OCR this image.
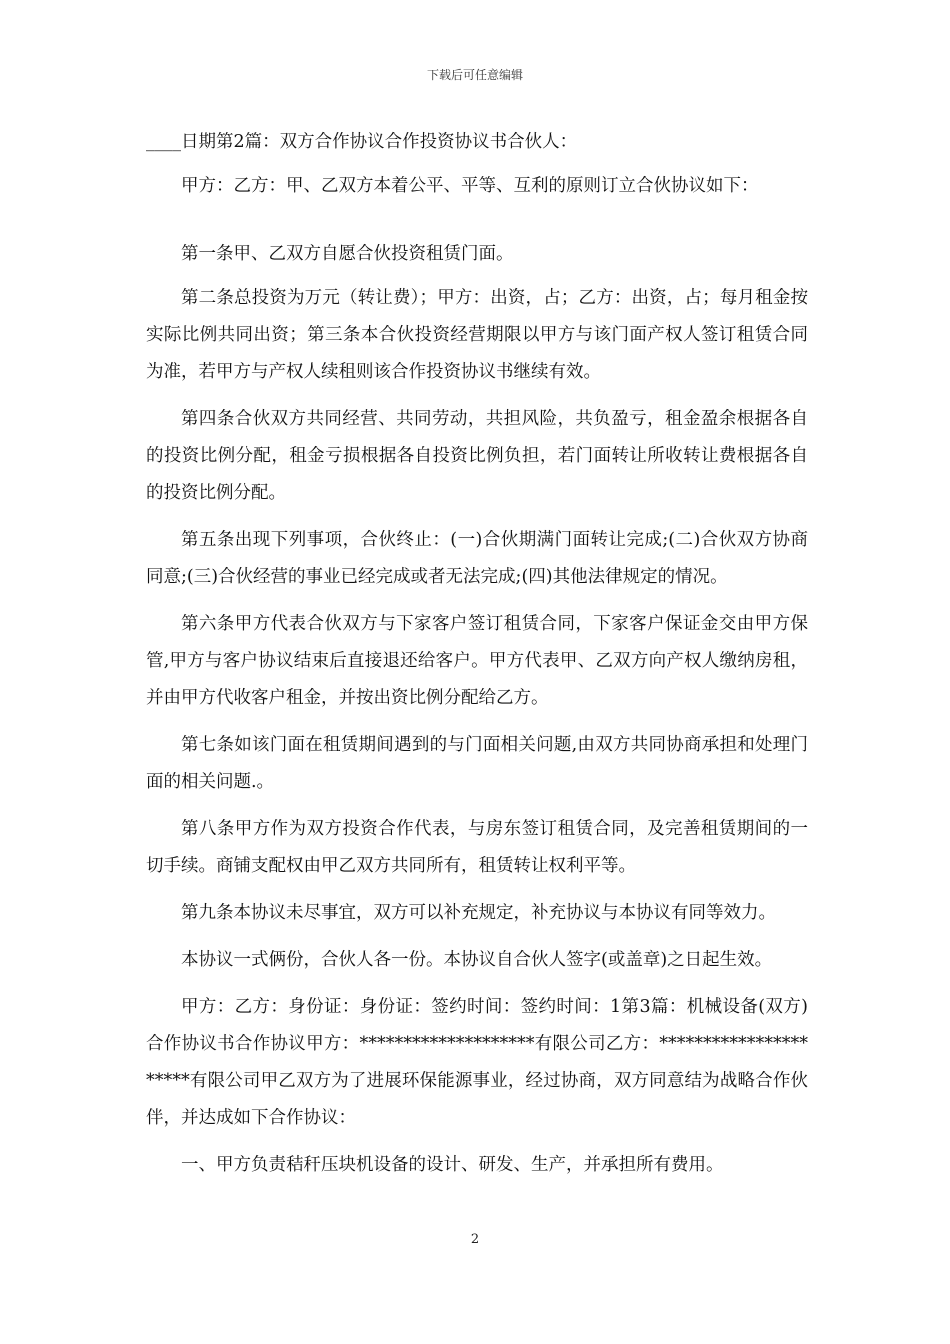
下载后可任意编辑

____日期第2篇：双方合作协议合作投资协议书合伙人：

甲方：乙方：甲、乙双方本着公平、平等、互利的原则订立合伙协议如下：

第一条甲、乙双方自愿合伙投资租赁门面。

第二条总投资为万元（转让费）；甲方：出资，占；乙方：出资，占；每月租金按实际比例共同出资；第三条本合伙投资经营期限以甲方与该门面产权人签订租赁合同为准，若甲方与产权人续租则该合作投资协议书继续有效。

第四条合伙双方共同经营、共同劳动，共担风险，共负盈亏，租金盈余根据各自的投资比例分配，租金亏损根据各自投资比例负担，若门面转让所收转让费根据各自的投资比例分配。

第五条出现下列事项，合伙终止：(一)合伙期满门面转让完成;(二)合伙双方协商同意;(三)合伙经营的事业已经完成或者无法完成;(四)其他法律规定的情况。

第六条甲方代表合伙双方与下家客户签订租赁合同，下家客户保证金交由甲方保管,甲方与客户协议结束后直接退还给客户。甲方代表甲、乙双方向产权人缴纳房租，并由甲方代收客户租金，并按出资比例分配给乙方。

第七条如该门面在租赁期间遇到的与门面相关问题,由双方共同协商承担和处理门面的相关问题.。

第八条甲方作为双方投资合作代表，与房东签订租赁合同，及完善租赁期间的一切手续。商铺支配权由甲乙双方共同所有，租赁转让权利平等。

第九条本协议未尽事宜，双方可以补充规定，补充协议与本协议有同等效力。

本协议一式俩份，合伙人各一份。本协议自合伙人签字(或盖章)之日起生效。

甲方：乙方：身份证：身份证：签约时间：签约时间：1第3篇：机械设备(双方)合作协议书合作协议甲方：********************有限公司乙方：**********************有限公司甲乙双方为了进展环保能源事业，经过协商，双方同意结为战略合作伙伴，并达成如下合作协议：

一、甲方负责秸秆压块机设备的设计、研发、生产，并承担所有费用。

2
